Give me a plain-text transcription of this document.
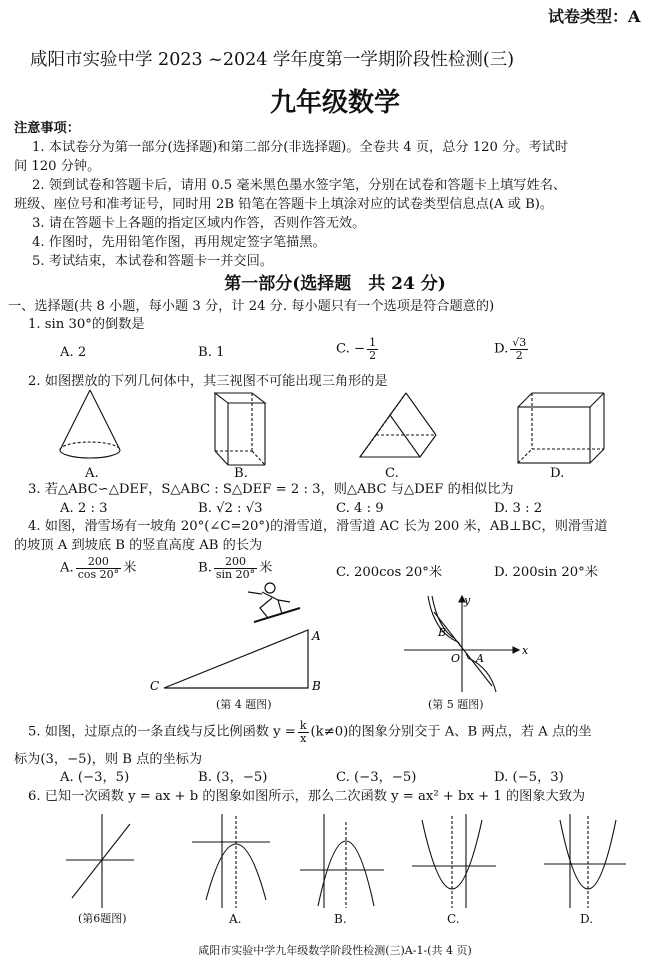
试卷类型：A
咸阳市实验中学 2023 ~2024 学年度第一学期阶段性检测(三)
九年级数学
注意事项：
1. 本试卷分为第一部分(选择题)和第二部分(非选择题)。全卷共 4 页，总分 120 分。考试时
间 120 分钟。
2. 领到试卷和答题卡后，请用 0.5 毫米黑色墨水签字笔，分别在试卷和答题卡上填写姓名、
班级、座位号和准考证号，同时用 2B 铅笔在答题卡上填涂对应的试卷类型信息点(A 或 B)。
3. 请在答题卡上各题的指定区域内作答，否则作答无效。
4. 作图时，先用铅笔作图，再用规定签字笔描黑。
5. 考试结束，本试卷和答题卡一并交回。
第一部分(选择题　共 24 分)
一、选择题(共 8 小题，每小题 3 分，计 24 分. 每小题只有一个选项是符合题意的)
1. sin 30°的倒数是
A. 2	B. 1	C. − $\frac{1}{2}$	D. $\frac{√3}{2}$
2. 如图摆放的下列几何体中，其三视图不可能出现三角形的是
A.	B.	C.	D.
3. 若△ABC∽△DEF，S△ABC : S△DEF = 2 : 3，则△ABC 与△DEF 的相似比为
A. 2 : 3	B. √2 : √3	C. 4 : 9	D. 3 : 2
4. 如图，滑雪场有一坡角 20°(∠C=20°)的滑雪道，滑雪道 AC 长为 200 米，AB⊥BC，则滑雪道
的坡顶 A 到坡底 B 的竖直高度 AB 的长为
A. $\frac{200}{\cos 20^\circ}$ 米	B. $\frac{200}{\sin 20^\circ}$ 米	C. 200cos 20°米	D. 200sin 20°米
A
B
C
(第 4 题图)
y
x
O A
B
(第 5 题图)
5. 如图，过原点的一条直线与反比例函数 $y = \frac{k}{x} (k\ne 0)$的图象分别交于 A、B 两点，若 A 点的坐
标为(3，−5)，则 B 点的坐标为
A. (−3，5)	B. (3，−5)	C. (−3，−5)	D. (−5，3)
6. 已知一次函数 y = ax + b 的图象如图所示，那么二次函数 y = ax² + bx + 1 的图象大致为
(第6题图)	A.	B.	C.	D.
咸阳市实验中学九年级数学阶段性检测(三)A-1-(共 4 页)
